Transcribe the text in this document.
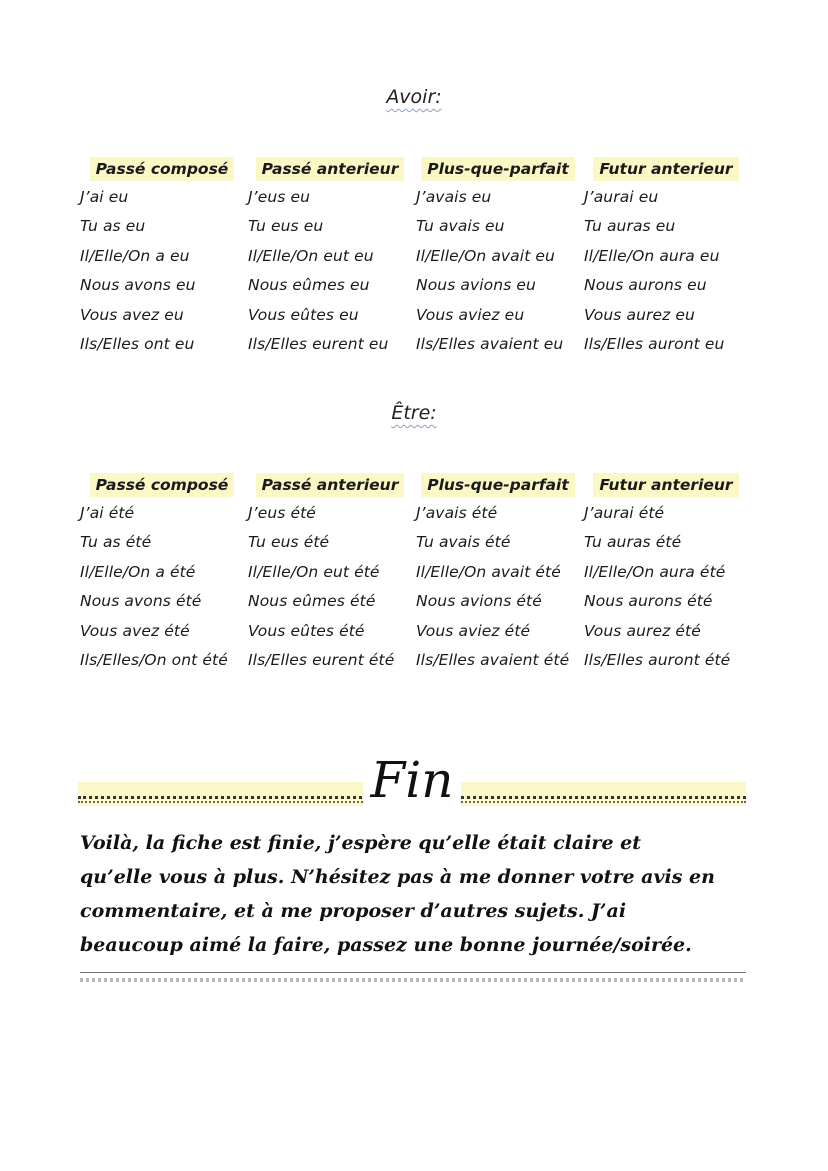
Avoir:
Passé composé	Passé anterieur	Plus-que-parfait	Futur anterieur
J’ai eu	J’eus eu	J’avais eu	J’aurai eu
Tu as eu	Tu eus eu	Tu avais eu	Tu auras eu
Il/Elle/On a eu	Il/Elle/On eut eu	Il/Elle/On avait eu	Il/Elle/On aura eu
Nous avons eu	Nous eûmes eu	Nous avions eu	Nous aurons eu
Vous avez eu	Vous eûtes eu	Vous aviez eu	Vous aurez eu
Ils/Elles ont eu	Ils/Elles eurent eu	Ils/Elles avaient eu	Ils/Elles auront eu
Être:
Passé composé	Passé anterieur	Plus-que-parfait	Futur anterieur
J’ai été	J’eus été	J’avais été	J’aurai été
Tu as été	Tu eus été	Tu avais été	Tu auras été
Il/Elle/On a été	Il/Elle/On eut été	Il/Elle/On avait été	Il/Elle/On aura été
Nous avons été	Nous eûmes été	Nous avions été	Nous aurons été
Vous avez été	Vous eûtes été	Vous aviez été	Vous aurez été
Ils/Elles/On ont été	Ils/Elles eurent été	Ils/Elles avaient été	Ils/Elles auront été
Fin
Voilà, la fiche est finie, j’espère qu’elle était claire et
qu’elle vous à plus. N’hésitez pas à me donner votre avis en
commentaire, et à me proposer d’autres sujets. J’ai
beaucoup aimé la faire, passez une bonne journée/soirée.
